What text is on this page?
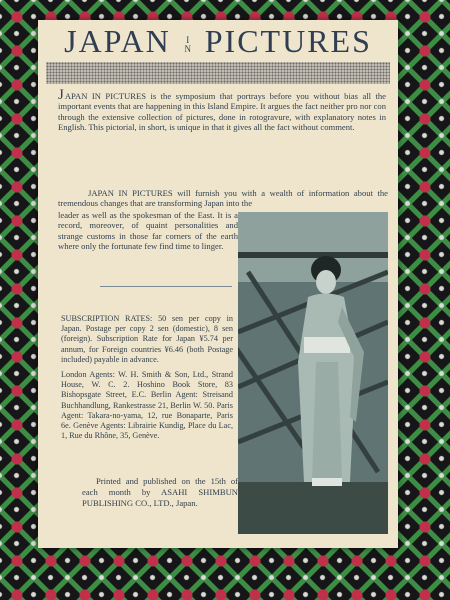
JAPAN I
N PICTURES

JAPAN IN PICTURES is the symposium that portrays before you without bias all the important events that are happening in this Island Empire. It argues the fact neither pro nor con through the extensive collection of pictures, done in rotogravure, with explanatory notes in English. This pictorial, in short, is unique in that it gives all the fact without comment.

JAPAN IN PICTURES will furnish you with a wealth of information about the tremendous changes that are transforming Japan into the

leader as well as the spokesman of the East. It is a record, moreover, of quaint personalities and strange customs in those far corners of the earth where only the fortunate few find time to linger.

SUBSCRIPTION RATES: 50 sen per copy in Japan. Postage per copy 2 sen (domestic), 8 sen (foreign). Subscription Rate for Japan ¥5.74 per annum, for Foreign countries ¥6.46 (both Postage included) payable in advance.
London Agents: W. H. Smith & Son, Ltd., Strand House, W. C. 2. Hoshino Book Store, 83 Bishopsgate Street, E.C. Berlin Agent: Streisand Buchhandlung, Rankestrasse 21, Berlin W. 50. Paris Agent: Takara-no-yama, 12, rue Bonaparte, Paris 6e. Genève Agents: Librairie Kundig, Place du Lac, 1, Rue du Rhône, 35, Genève.
Printed and published on the 15th of each month by ASAHI SHIMBUN PUBLISHING CO., LTD., Japan.
